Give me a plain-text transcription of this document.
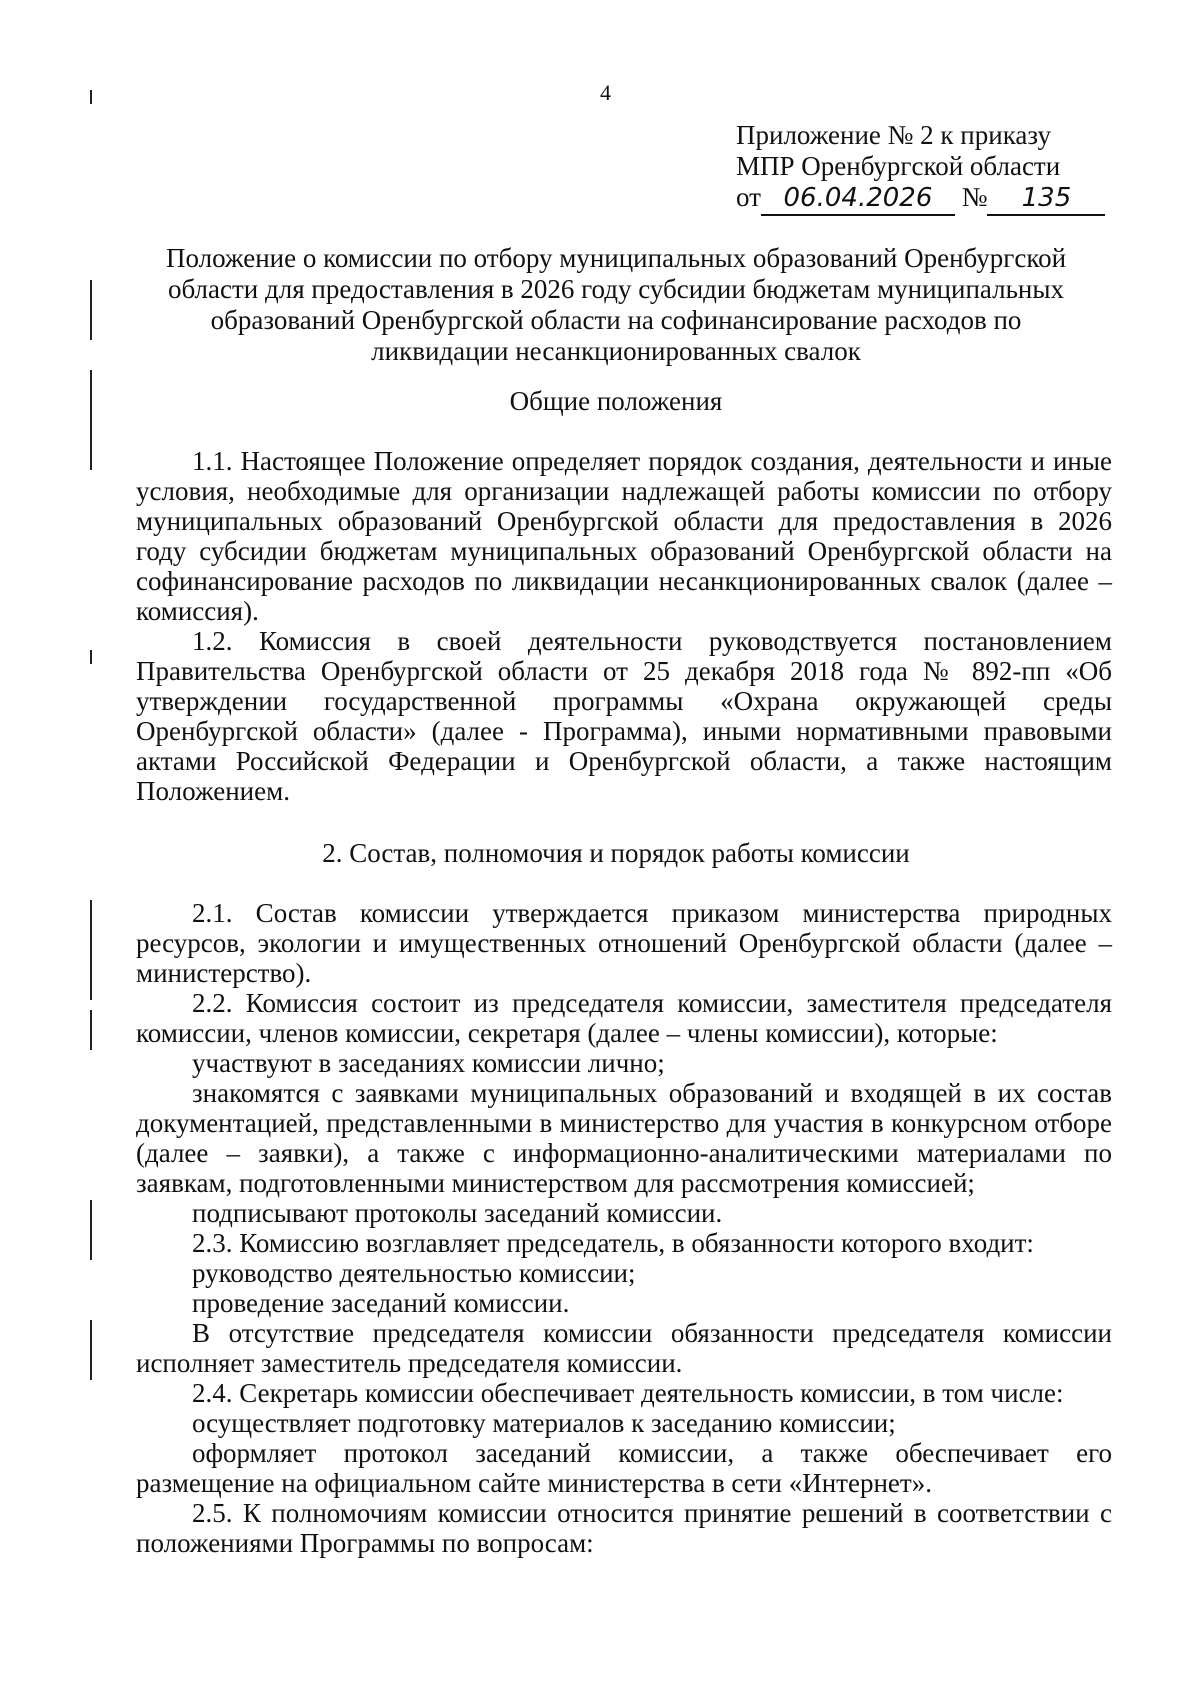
4
Приложение № 2 к приказу
МПР Оренбургской области
от 06.04.2026 № 135
Положение о комиссии по отбору муниципальных образований Оренбургской
области для предоставления в 2026 году субсидии бюджетам муниципальных
образований Оренбургской области на софинансирование расходов по
ликвидации несанкционированных свалок
Общие положения

1.1. Настоящее Положение определяет порядок создания, деятельности и иные условия, необходимые для организации надлежащей работы комиссии по отбору муниципальных образований Оренбургской области для предоставления в 2026 году субсидии бюджетам муниципальных образований Оренбургской области на софинансирование расходов по ликвидации несанкционированных свалок (далее – комиссия).

1.2. Комиссия в своей деятельности руководствуется постановлением Правительства Оренбургской области от 25 декабря 2018 года № 892-пп «Об утверждении государственной программы «Охрана окружающей среды Оренбургской области» (далее - Программа), иными нормативными правовыми актами Российской Федерации и Оренбургской области, а также настоящим Положением.

2. Состав, полномочия и порядок работы комиссии

2.1. Состав комиссии утверждается приказом министерства природных ресурсов, экологии и имущественных отношений Оренбургской области (далее – министерство).

2.2. Комиссия состоит из председателя комиссии, заместителя председателя комиссии, членов комиссии, секретаря (далее – члены комиссии), которые:

участвуют в заседаниях комиссии лично;

знакомятся с заявками муниципальных образований и входящей в их состав документацией, представленными в министерство для участия в конкурсном отборе (далее – заявки), а также с информационно-аналитическими материалами по заявкам, подготовленными министерством для рассмотрения комиссией;

подписывают протоколы заседаний комиссии.

2.3. Комиссию возглавляет председатель, в обязанности которого входит:

руководство деятельностью комиссии;

проведение заседаний комиссии.

В отсутствие председателя комиссии обязанности председателя комиссии исполняет заместитель председателя комиссии.

2.4. Секретарь комиссии обеспечивает деятельность комиссии, в том числе:

осуществляет подготовку материалов к заседанию комиссии;

оформляет протокол заседаний комиссии, а также обеспечивает его размещение на официальном сайте министерства в сети «Интернет».

2.5. К полномочиям комиссии относится принятие решений в соответствии с положениями Программы по вопросам:
